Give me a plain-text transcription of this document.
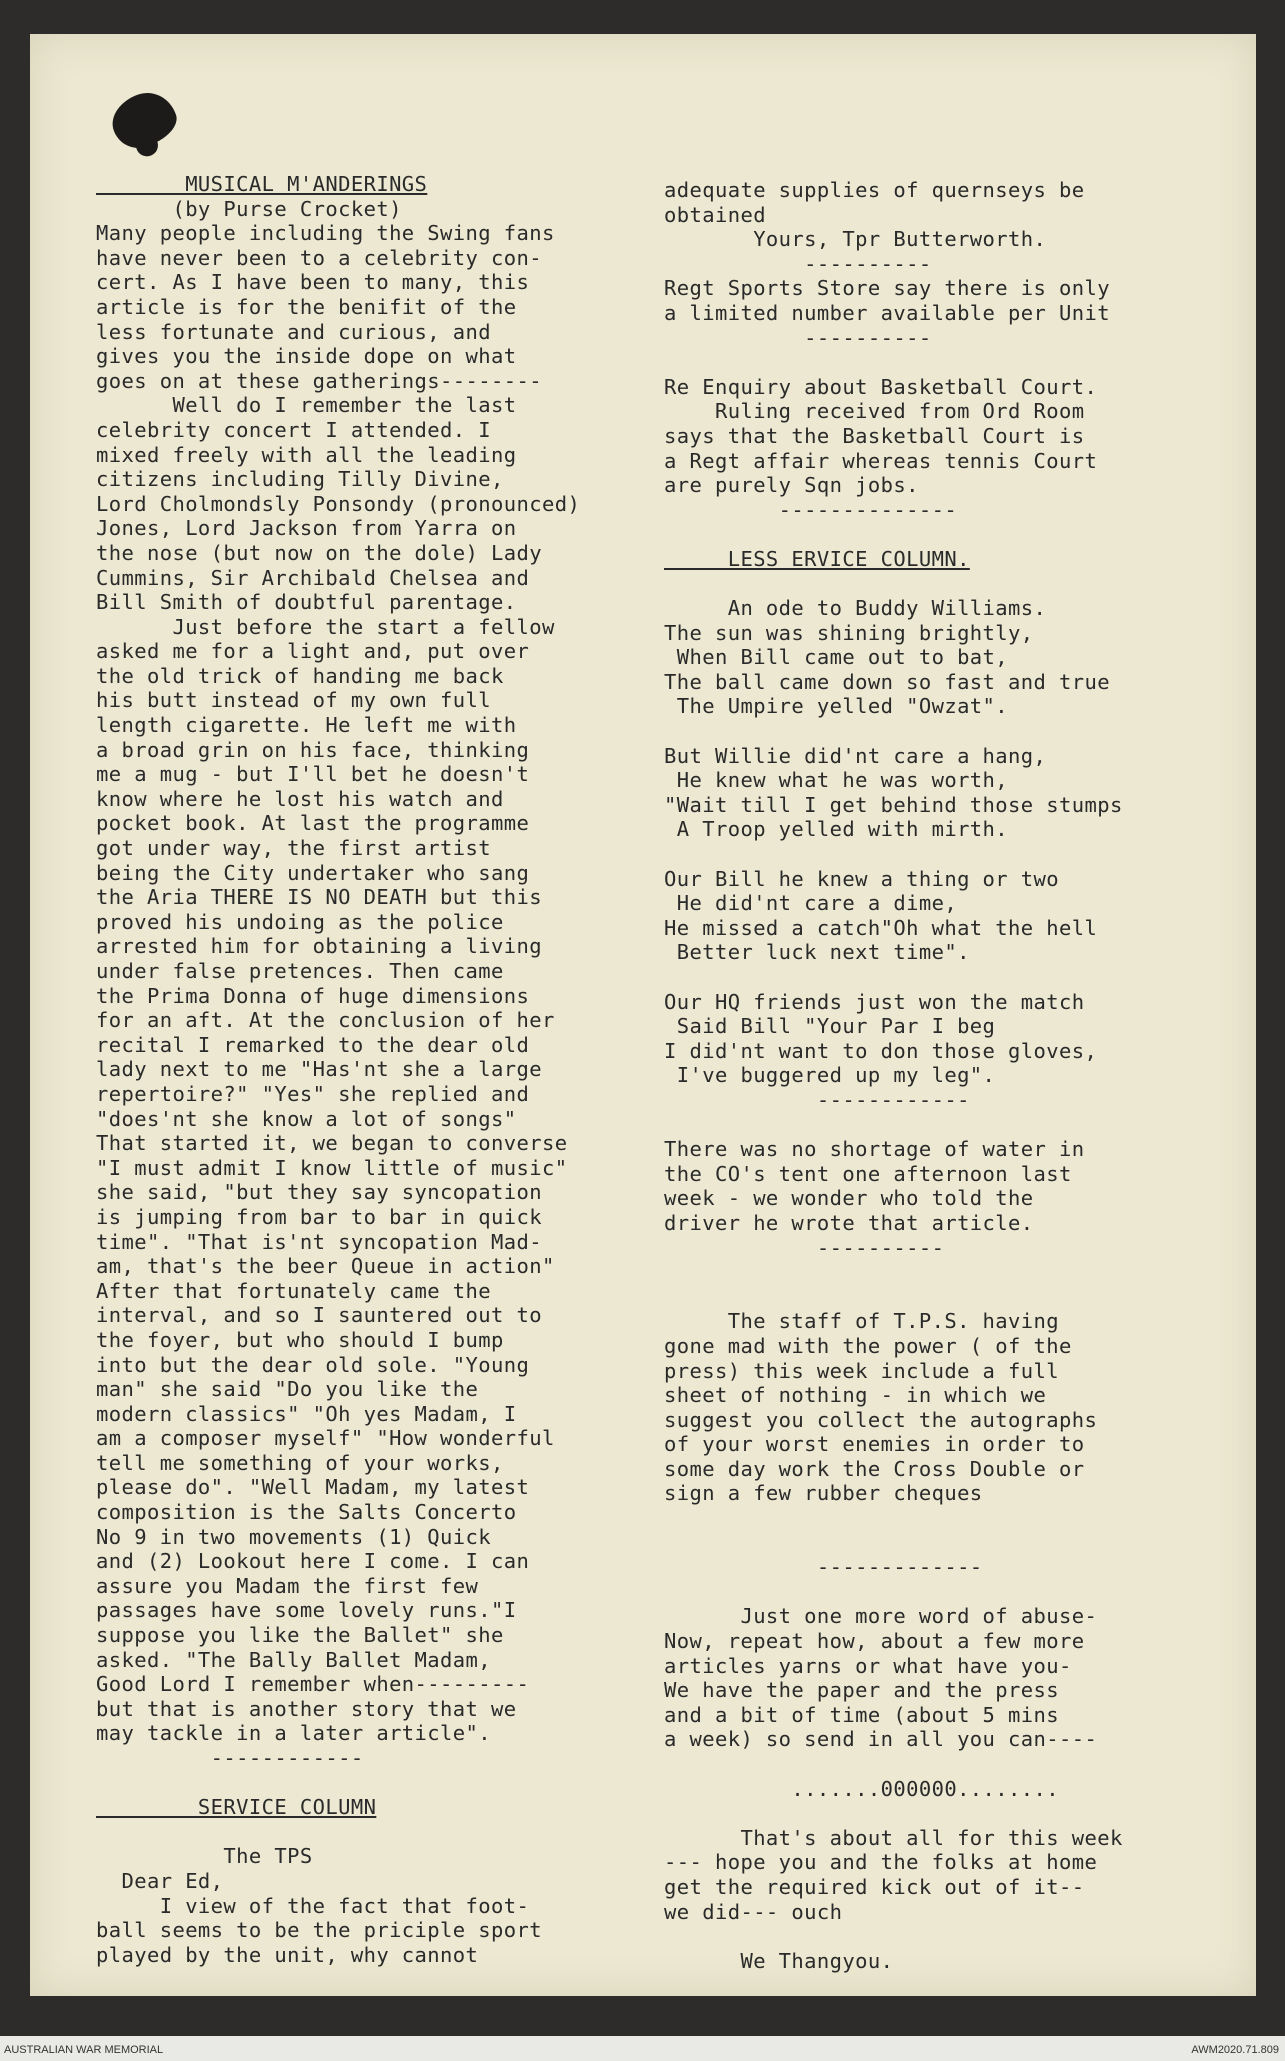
MUSICAL M'ANDERINGS
(by Purse Crocket)
Many people including the Swing fans
have never been to a celebrity con-
cert. As I have been to many, this
article is for the benifit of the
less fortunate and curious, and
gives you the inside dope on what
goes on at these gatherings--------
Well do I remember the last
celebrity concert I attended. I
mixed freely with all the leading
citizens including Tilly Divine,
Lord Cholmondsly Ponsondy (pronounced)
Jones, Lord Jackson from Yarra on
the nose (but now on the dole) Lady
Cummins, Sir Archibald Chelsea and
Bill Smith of doubtful parentage.
Just before the start a fellow
asked me for a light and, put over
the old trick of handing me back
his butt instead of my own full
length cigarette. He left me with
a broad grin on his face, thinking
me a mug - but I'll bet he doesn't
know where he lost his watch and
pocket book. At last the programme
got under way, the first artist
being the City undertaker who sang
the Aria THERE IS NO DEATH but this
proved his undoing as the police
arrested him for obtaining a living
under false pretences. Then came
the Prima Donna of huge dimensions
for an aft. At the conclusion of her
recital I remarked to the dear old
lady next to me "Has'nt she a large
repertoire?" "Yes" she replied and
"does'nt she know a lot of songs"
That started it, we began to converse
"I must admit I know little of music"
she said, "but they say syncopation
is jumping from bar to bar in quick
time". "That is'nt syncopation Mad-
am, that's the beer Queue in action"
After that fortunately came the
interval, and so I sauntered out to
the foyer, but who should I bump
into but the dear old sole. "Young
man" she said "Do you like the
modern classics" "Oh yes Madam, I
am a composer myself" "How wonderful
tell me something of your works,
please do". "Well Madam, my latest
composition is the Salts Concerto
No 9 in two movements (1) Quick
and (2) Lookout here I come. I can
assure you Madam the first few
passages have some lovely runs."I
suppose you like the Ballet" she
asked. "The Bally Ballet Madam,
Good Lord I remember when---------
but that is another story that we
may tackle in a later article".
------------
SERVICE COLUMN
The TPS
Dear Ed,
I view of the fact that foot-
ball seems to be the priciple sport
played by the unit, why cannot
adequate supplies of quernseys be
obtained
Yours, Tpr Butterworth.
----------
Regt Sports Store say there is only
a limited number available per Unit
----------
Re Enquiry about Basketball Court.
Ruling received from Ord Room
says that the Basketball Court is
a Regt affair whereas tennis Court
are purely Sqn jobs.
--------------
LESS ERVICE COLUMN.
An ode to Buddy Williams.
The sun was shining brightly,
When Bill came out to bat,
The ball came down so fast and true
The Umpire yelled "Owzat".
But Willie did'nt care a hang,
He knew what he was worth,
"Wait till I get behind those stumps
A Troop yelled with mirth.
Our Bill he knew a thing or two
He did'nt care a dime,
He missed a catch"Oh what the hell
Better luck next time".
Our HQ friends just won the match
Said Bill "Your Par I beg
I did'nt want to don those gloves,
I've buggered up my leg".
------------
There was no shortage of water in
the CO's tent one afternoon last
week - we wonder who told the
driver he wrote that article.
----------
The staff of T.P.S. having
gone mad with the power ( of the
press) this week include a full
sheet of nothing - in which we
suggest you collect the autographs
of your worst enemies in order to
some day work the Cross Double or
sign a few rubber cheques
-------------
Just one more word of abuse-
Now, repeat how, about a few more
articles yarns or what have you-
We have the paper and the press
and a bit of time (about 5 mins
a week) so send in all you can----
.......000000........
That's about all for this week
--- hope you and the folks at home
get the required kick out of it--
we did--- ouch
We Thangyou.
AUSTRALIAN WAR MEMORIAL	AWM2020.71.809
